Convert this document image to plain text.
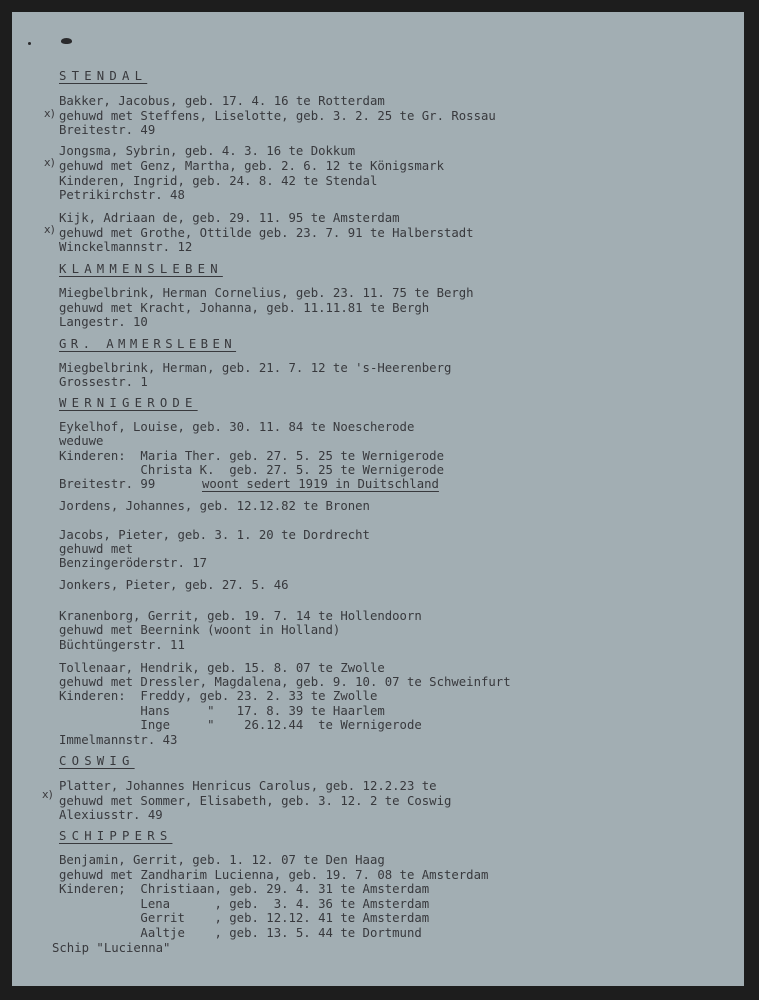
STENDAL
Bakker, Jacobus, geb. 17. 4. 16 te Rotterdam
x) gehuwd met Steffens, Liselotte, geb. 3. 2. 25 te Gr. Rossau
Breitestr. 49
Jongsma, Sybrin, geb. 4. 3. 16 te Dokkum
x) gehuwd met Genz, Martha, geb. 2. 6. 12 te Königsmark
Kinderen, Ingrid, geb. 24. 8. 42 te Stendal
Petrikirchstr. 48
Kijk, Adriaan de, geb. 29. 11. 95 te Amsterdam
x) gehuwd met Grothe, Ottilde geb. 23. 7. 91 te Halberstadt
Winckelmannstr. 12
KLAMMENSLEBEN
Miegbelbrink, Herman Cornelius, geb. 23. 11. 75 te Bergh
gehuwd met Kracht, Johanna, geb. 11.11.81 te Bergh
Langestr. 10
GR. AMMERSLEBEN
Miegbelbrink, Herman, geb. 21. 7. 12 te 's-Heerenberg
Grossestr. 1
WERNIGERODE
Eykelhof, Louise, geb. 30. 11. 84 te Noescherode
weduwe
Kinderen:  Maria Ther. geb. 27. 5. 25 te Wernigerode
Christa K.  geb. 27. 5. 25 te Wernigerode
Breitestr. 99	woont sedert 1919 in Duitschland
Jordens, Johannes, geb. 12.12.82 te Bronen
Jacobs, Pieter, geb. 3. 1. 20 te Dordrecht
gehuwd met
Benzingeröderstr. 17
Jonkers, Pieter, geb. 27. 5. 46
Kranenborg, Gerrit, geb. 19. 7. 14 te Hollendoorn
gehuwd met Beernink (woont in Holland)
Büchtüngerstr. 11
Tollenaar, Hendrik, geb. 15. 8. 07 te Zwolle
gehuwd met Dressler, Magdalena, geb. 9. 10. 07 te Schweinfurt
Kinderen:  Freddy, geb. 23. 2. 33 te Zwolle
Hans     "   17. 8. 39 te Haarlem
Inge     "    26.12.44  te Wernigerode
Immelmannstr. 43
COSWIG
Platter, Johannes Henricus Carolus, geb. 12.2.23 te
x) gehuwd met Sommer, Elisabeth, geb. 3. 12. 2 te Coswig
Alexiusstr. 49
SCHIPPERS
Benjamin, Gerrit, geb. 1. 12. 07 te Den Haag
gehuwd met Zandharim Lucienna, geb. 19. 7. 08 te Amsterdam
Kinderen;  Christiaan, geb. 29. 4. 31 te Amsterdam
Lena      , geb.  3. 4. 36 te Amsterdam
Gerrit    , geb. 12.12. 41 te Amsterdam
Aaltje    , geb. 13. 5. 44 te Dortmund
Schip "Lucienna"
